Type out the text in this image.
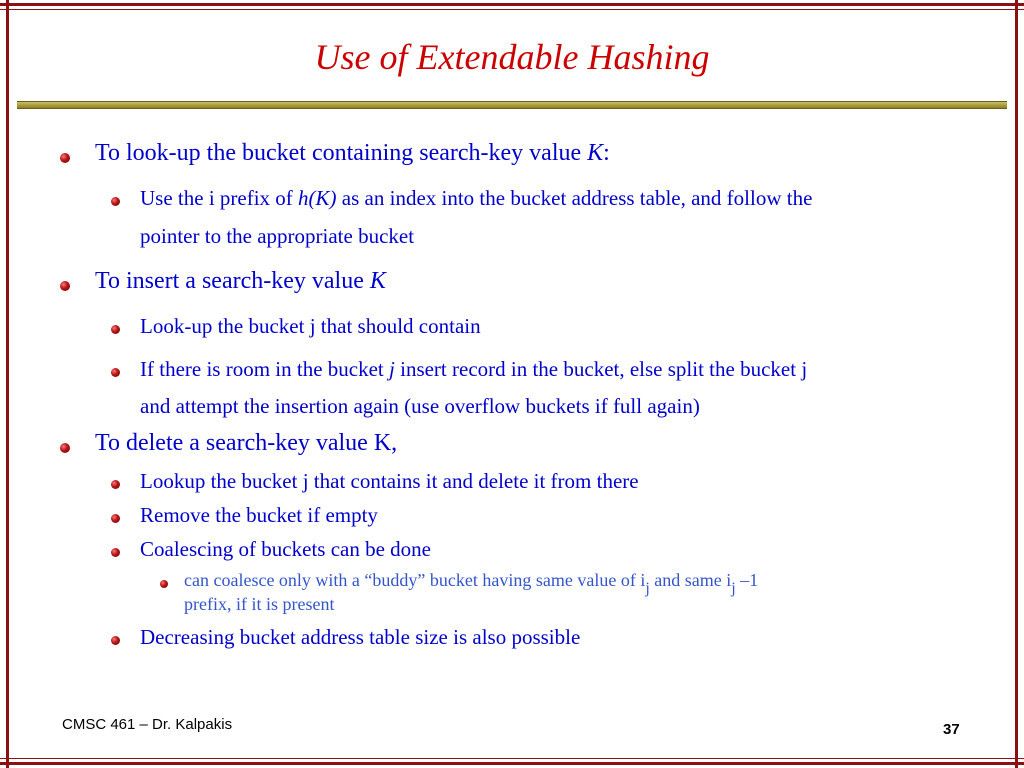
Use of Extendable Hashing
To look-up the bucket containing search-key value K:
Use the i prefix of h(K) as an index into the bucket address table, and follow the
pointer to the appropriate bucket
To insert a search-key value K
Look-up the bucket j that should contain
If there is room in the bucket j insert record in the bucket, else split the bucket j
and attempt the insertion again (use overflow buckets if full again)
To delete a search-key value K,
Lookup the bucket j that contains it and delete it from there
Remove the bucket if empty
Coalescing of buckets can be done
can coalesce only with a “buddy” bucket having same value of ij and same ij –1
prefix, if it is present
Decreasing bucket address table size is also possible
CMSC 461 – Dr. Kalpakis	37
